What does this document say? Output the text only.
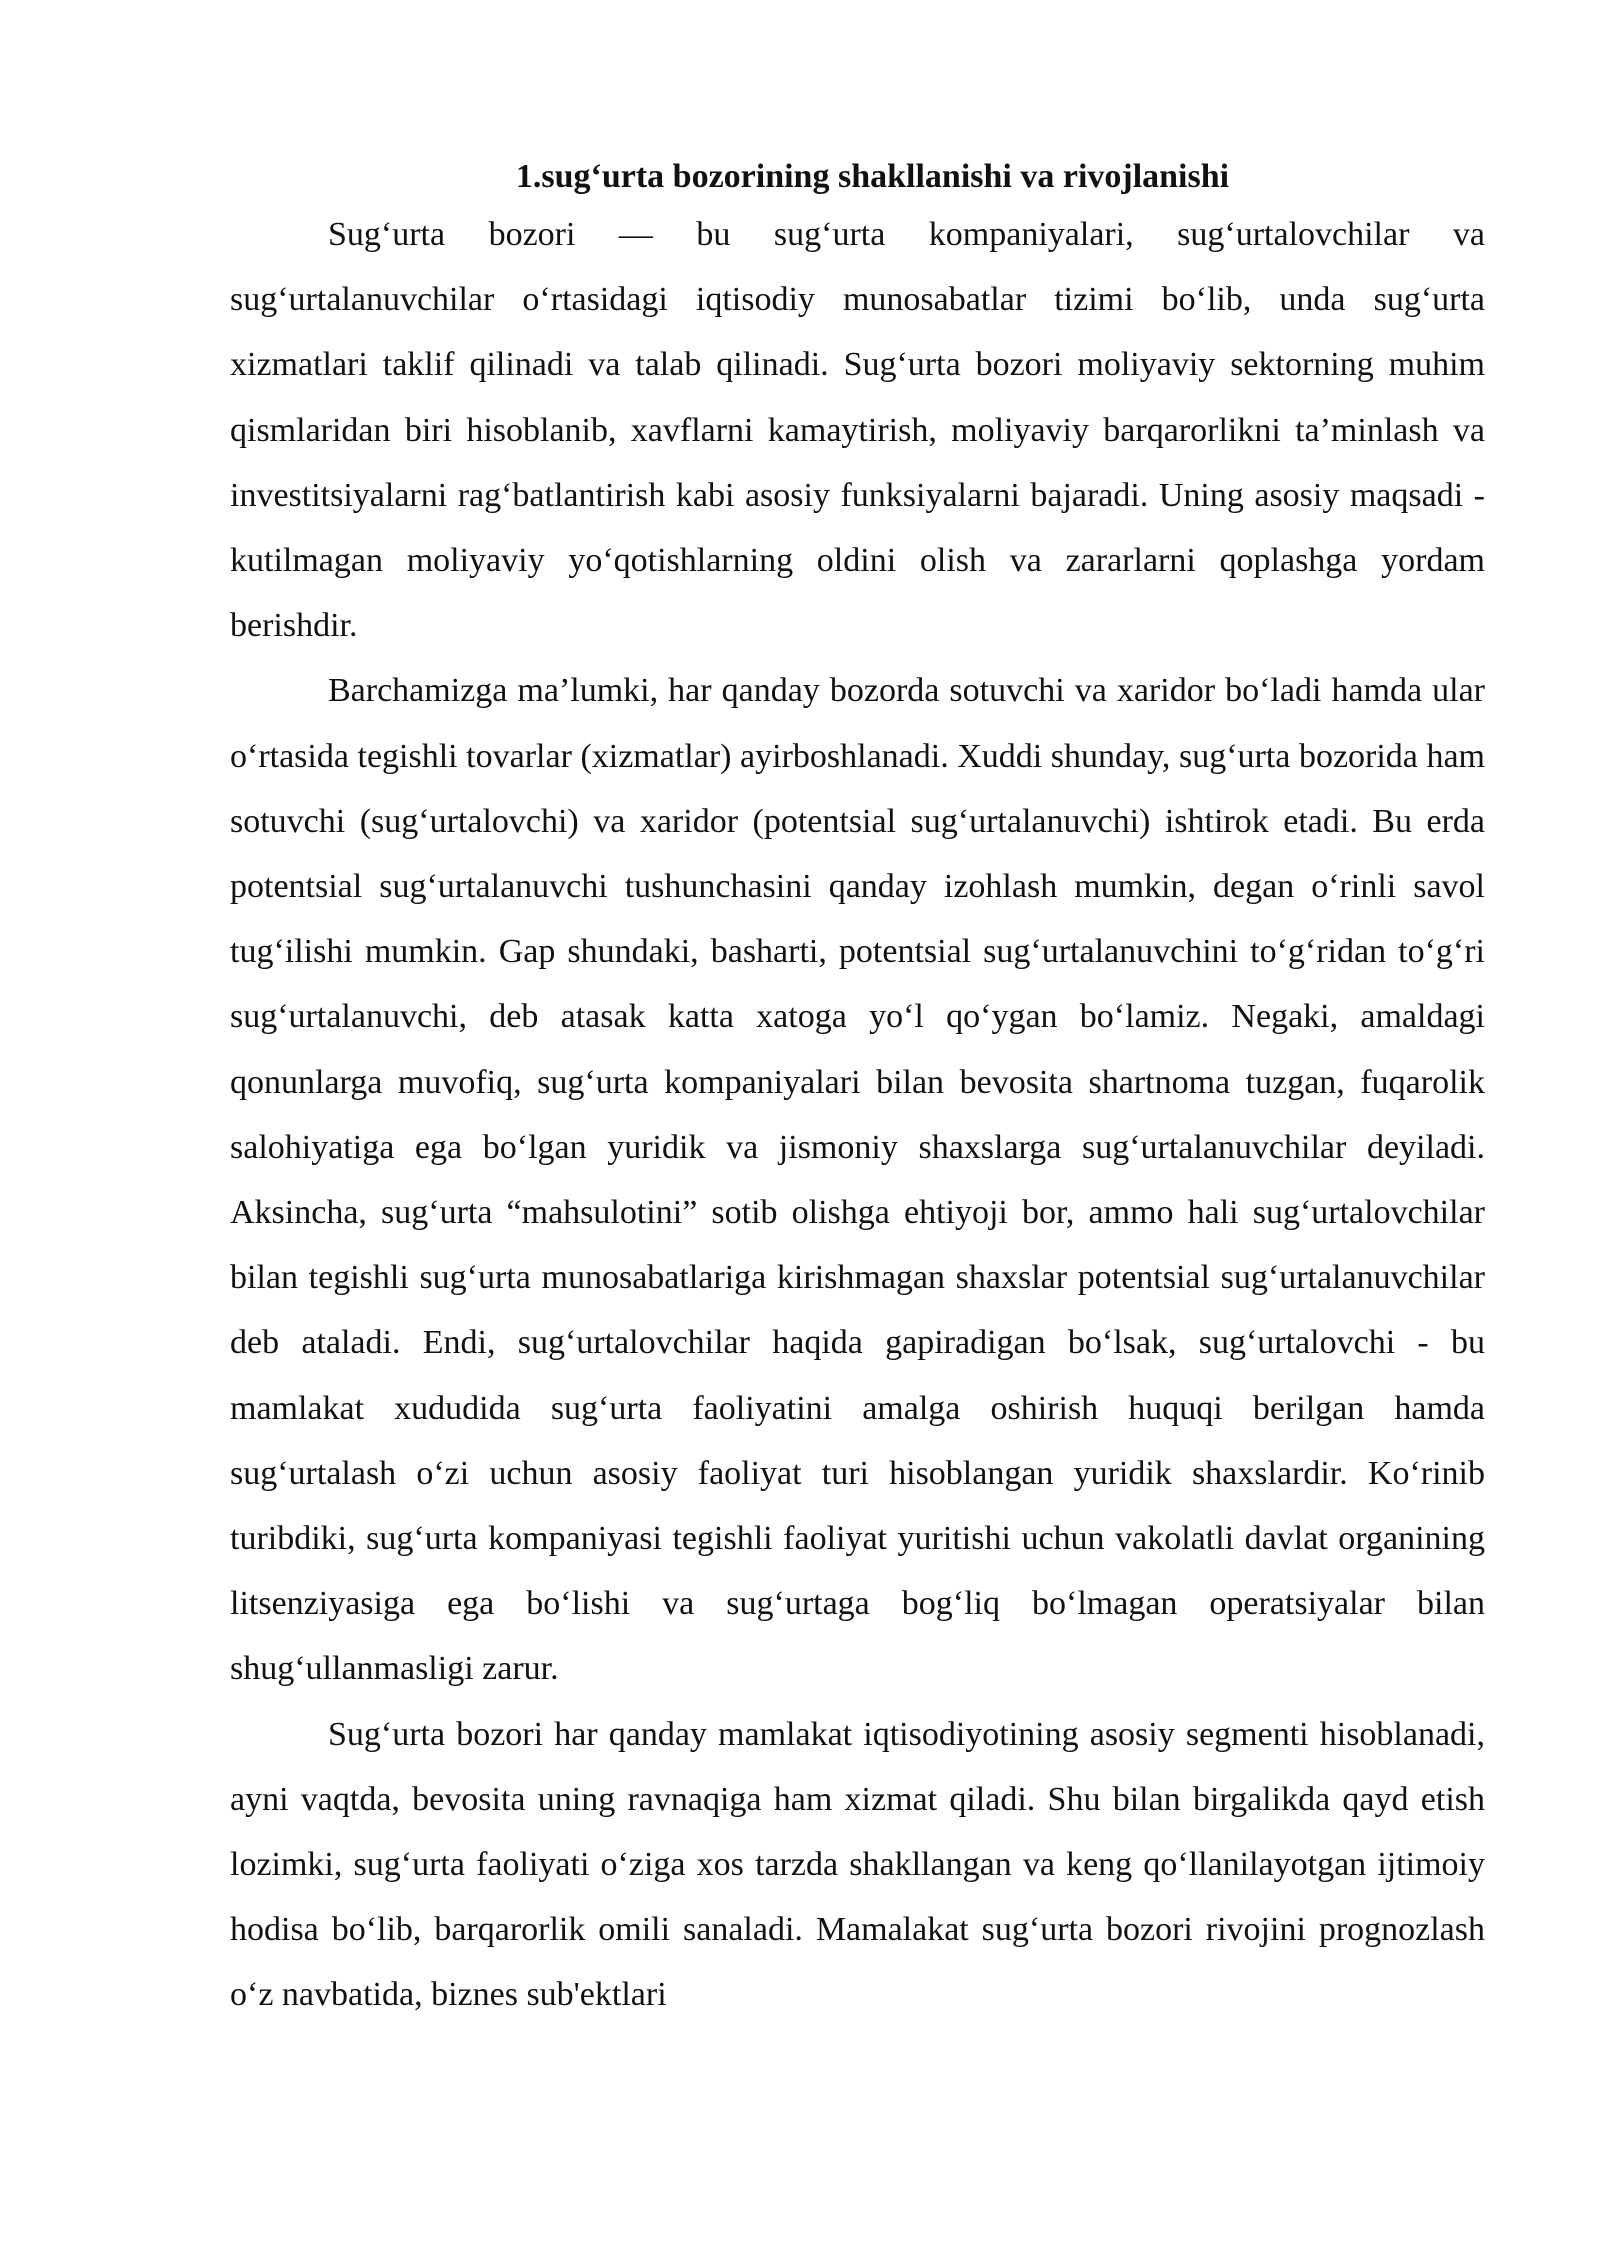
1.sug‘urta bozorining shakllanishi va rivojlanishi

Sug‘urta bozori — bu sug‘urta kompaniyalari, sug‘urtalovchilar va sug‘urtalanuvchilar o‘rtasidagi iqtisodiy munosabatlar tizimi bo‘lib, unda sug‘urta xizmatlari taklif qilinadi va talab qilinadi. Sug‘urta bozori moliyaviy sektorning muhim qismlaridan biri hisoblanib, xavflarni kamaytirish, moliyaviy barqarorlikni ta’minlash va investitsiyalarni rag‘batlantirish kabi asosiy funksiyalarni bajaradi. Uning asosiy maqsadi - kutilmagan moliyaviy yo‘qotishlarning oldini olish va zararlarni qoplashga yordam berishdir.

Barchamizga ma’lumki, har qanday bozorda sotuvchi va xaridor bo‘ladi hamda ular o‘rtasida tegishli tovarlar (xizmatlar) ayirboshlanadi. Xuddi shunday, sug‘urta bozorida ham sotuvchi (sug‘urtalovchi) va xaridor (potentsial sug‘urtalanuvchi) ishtirok etadi. Bu erda potentsial sug‘urtalanuvchi tushunchasini qanday izohlash mumkin, degan o‘rinli savol tug‘ilishi mumkin. Gap shundaki, basharti, potentsial sug‘urtalanuvchini to‘g‘ridan to‘g‘ri sug‘urtalanuvchi, deb atasak katta xatoga yo‘l qo‘ygan bo‘lamiz. Negaki, amaldagi qonunlarga muvofiq, sug‘urta kompaniyalari bilan bevosita shartnoma tuzgan, fuqarolik salohiyatiga ega bo‘lgan yuridik va jismoniy shaxslarga sug‘urtalanuvchilar deyiladi. Aksincha, sug‘urta “mahsulotini” sotib olishga ehtiyoji bor, ammo hali sug‘urtalovchilar bilan tegishli sug‘urta munosabatlariga kirishmagan shaxslar potentsial sug‘urtalanuvchilar deb ataladi. Endi, sug‘urtalovchilar haqida gapiradigan bo‘lsak, sug‘urtalovchi - bu mamlakat xududida sug‘urta faoliyatini amalga oshirish huquqi berilgan hamda sug‘urtalash o‘zi uchun asosiy faoliyat turi hisoblangan yuridik shaxslardir. Ko‘rinib turibdiki, sug‘urta kompaniyasi tegishli faoliyat yuritishi uchun vakolatli davlat organining litsenziyasiga ega bo‘lishi va sug‘urtaga bog‘liq bo‘lmagan operatsiyalar bilan shug‘ullanmasligi zarur.

Sug‘urta bozori har qanday mamlakat iqtisodiyotining asosiy segmenti hisoblanadi, ayni vaqtda, bevosita uning ravnaqiga ham xizmat qiladi. Shu bilan birgalikda qayd etish lozimki, sug‘urta faoliyati o‘ziga xos tarzda shakllangan va keng qo‘llanilayotgan ijtimoiy hodisa bo‘lib, barqarorlik omili sanaladi. Mamalakat sug‘urta bozori rivojini prognozlash o‘z navbatida, biznes sub'ektlari
